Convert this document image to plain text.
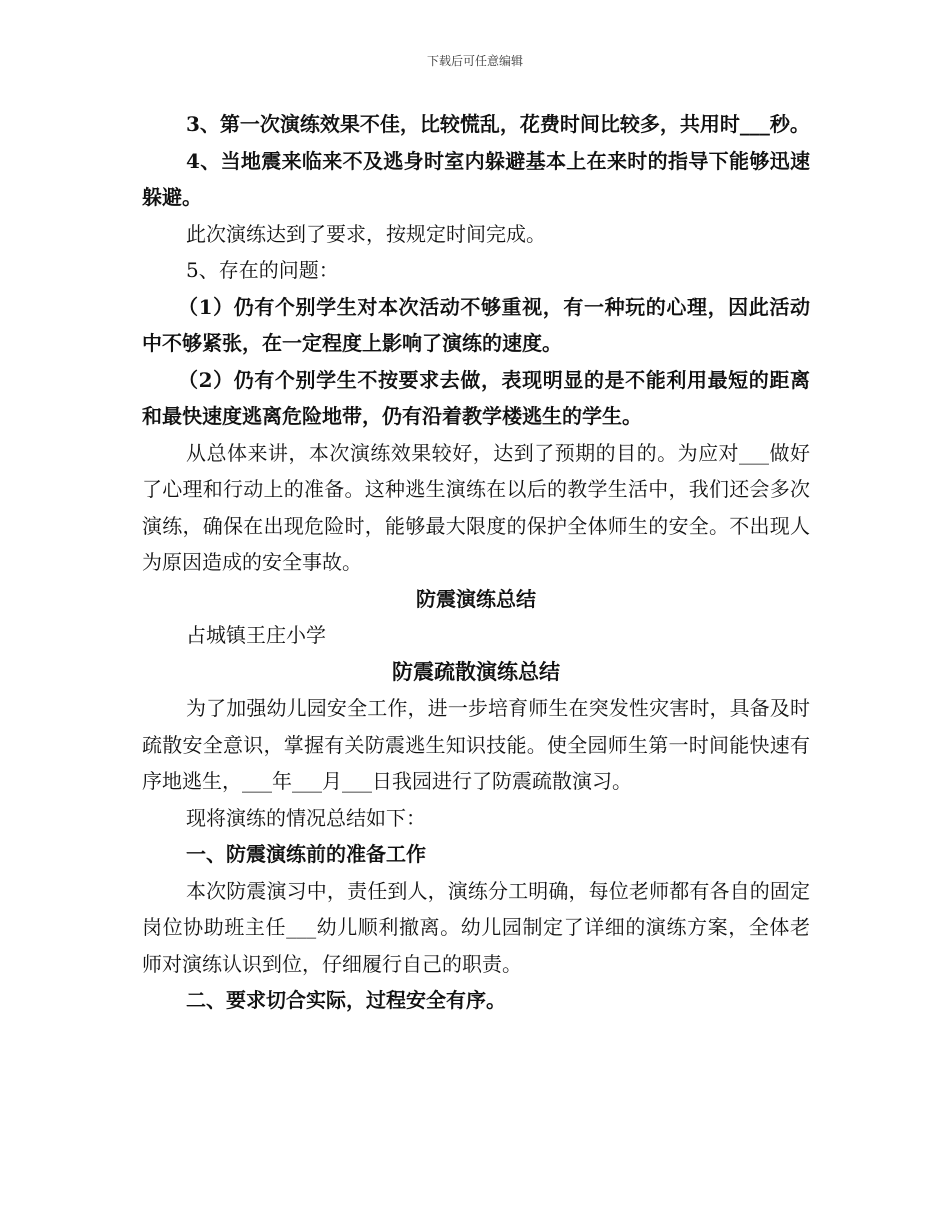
下载后可任意编辑

3、第一次演练效果不佳，比较慌乱，花费时间比较多，共用时___秒。

4、当地震来临来不及逃身时室内躲避基本上在来时的指导下能够迅速躲避。

此次演练达到了要求，按规定时间完成。

5、存在的问题：

（1）仍有个别学生对本次活动不够重视，有一种玩的心理，因此活动中不够紧张，在一定程度上影响了演练的速度。

（2）仍有个别学生不按要求去做，表现明显的是不能利用最短的距离和最快速度逃离危险地带，仍有沿着教学楼逃生的学生。

从总体来讲，本次演练效果较好，达到了预期的目的。为应对___做好了心理和行动上的准备。这种逃生演练在以后的教学生活中，我们还会多次演练，确保在出现危险时，能够最大限度的保护全体师生的安全。不出现人为原因造成的安全事故。

防震演练总结

占城镇王庄小学

防震疏散演练总结

为了加强幼儿园安全工作，进一步培育师生在突发性灾害时，具备及时疏散安全意识，掌握有关防震逃生知识技能。使全园师生第一时间能快速有序地逃生，___年___月___日我园进行了防震疏散演习。

现将演练的情况总结如下：

一、防震演练前的准备工作

本次防震演习中，责任到人，演练分工明确，每位老师都有各自的固定岗位协助班主任___幼儿顺利撤离。幼儿园制定了详细的演练方案，全体老师对演练认识到位，仔细履行自己的职责。

二、要求切合实际，过程安全有序。
